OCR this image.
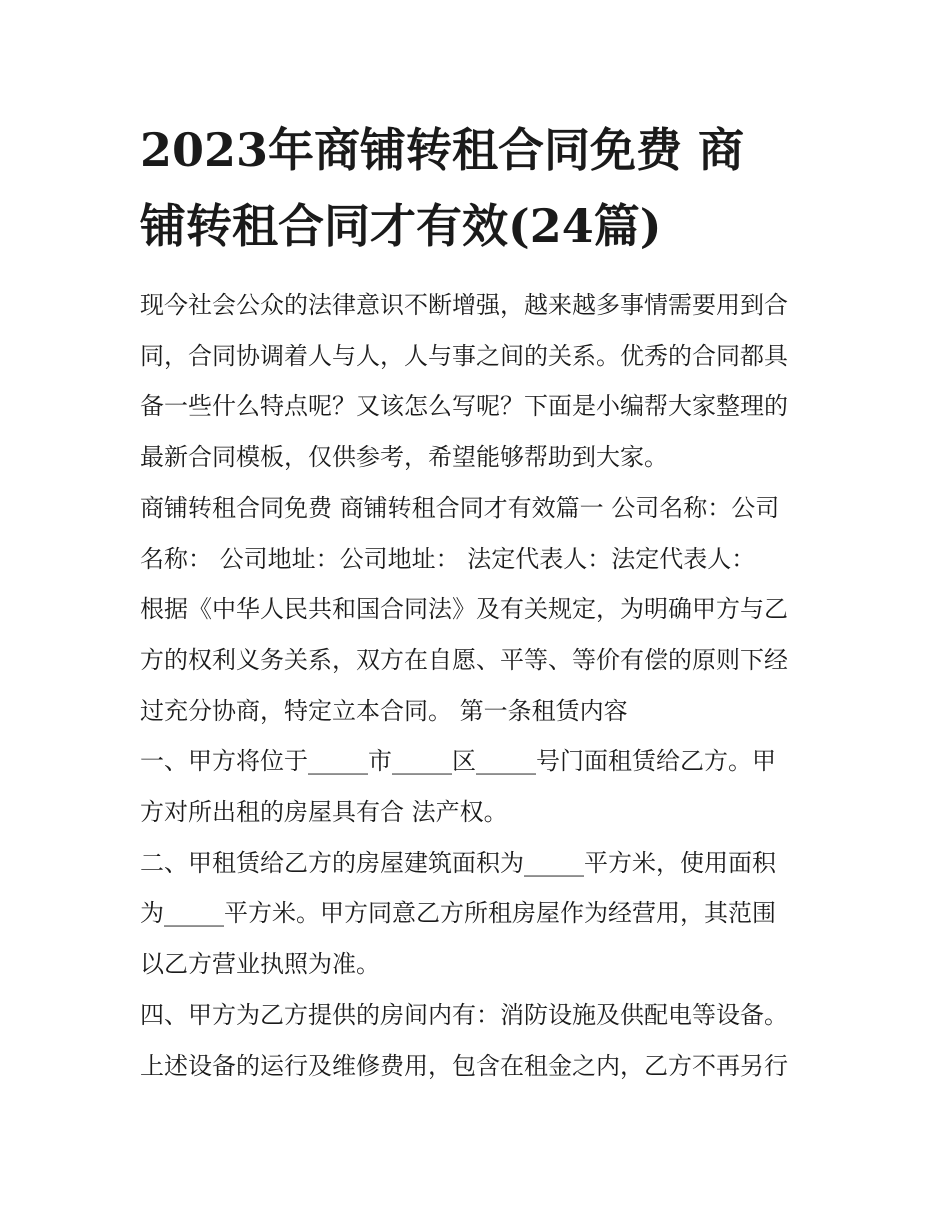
2023年商铺转租合同免费 商
铺转租合同才有效(24篇)

现今社会公众的法律意识不断增强，越来越多事情需要用到合
同，合同协调着人与人，人与事之间的关系。优秀的合同都具
备一些什么特点呢？又该怎么写呢？下面是小编帮大家整理的
最新合同模板，仅供参考，希望能够帮助到大家。
商铺转租合同免费 商铺转租合同才有效篇一 公司名称：公司
名称： 公司地址：公司地址： 法定代表人：法定代表人：
根据《中华人民共和国合同法》及有关规定，为明确甲方与乙
方的权利义务关系，双方在自愿、平等、等价有偿的原则下经
过充分协商，特定立本合同。 第一条租赁内容
一、甲方将位于_____市_____区_____号门面租赁给乙方。甲
方对所出租的房屋具有合 法产权。
二、甲租赁给乙方的房屋建筑面积为_____平方米，使用面积
为_____平方米。甲方同意乙方所租房屋作为经营用，其范围
以乙方营业执照为准。
四、甲方为乙方提供的房间内有：消防设施及供配电等设备。
上述设备的运行及维修费用，包含在租金之内，乙方不再另行
